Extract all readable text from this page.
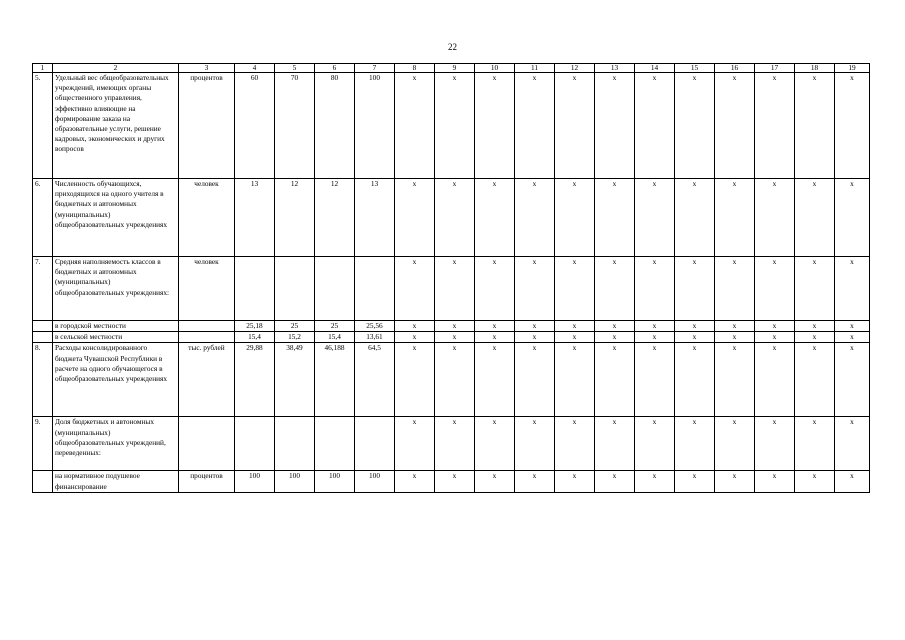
22
1	2	3	4	5	6	7	8	9	10	11	12	13	14	15	16	17	18	19
5.	Удельный вес общеобразовательных учреждений, имеющих органы общественного управления, эффективно влияющие на формирование заказа на образовательные услуги, решение кадровых, экономических и других вопросов	процентов	60	70	80	100	x	x	x	x	x	x	x	x	x	x	x	x
6.	Численность обучающихся, приходящихся на одного учителя в бюджетных и автономных (муниципальных) общеобразовательных учреждениях	человек	13	12	12	13	x	x	x	x	x	x	x	x	x	x	x	x
7.	Средняя наполняемость классов в бюджетных и автономных (муниципальных) общеобразовательных учреждениях:	человек					x	x	x	x	x	x	x	x	x	x	x	x
	в городской местности		25,18	25	25	25,56	x	x	x	x	x	x	x	x	x	x	x	x
	в сельской местности		15,4	15,2	15,4	13,61	x	x	x	x	x	x	x	x	x	x	x	x
8.	Расходы консолидированного бюджета Чувашской Республики в расчете на одного обучающегося в общеобразовательных учреждениях	тыс. рублей	29,88	38,49	46,188	64,5	x	x	x	x	x	x	x	x	x	x	x	x
9.	Доля бюджетных и автономных (муниципальных) общеобразовательных учреждений, переведенных:						x	x	x	x	x	x	x	x	x	x	x	x
	на нормативное подушевое финансирование	процентов	100	100	100	100	x	x	x	x	x	x	x	x	x	x	x	x
